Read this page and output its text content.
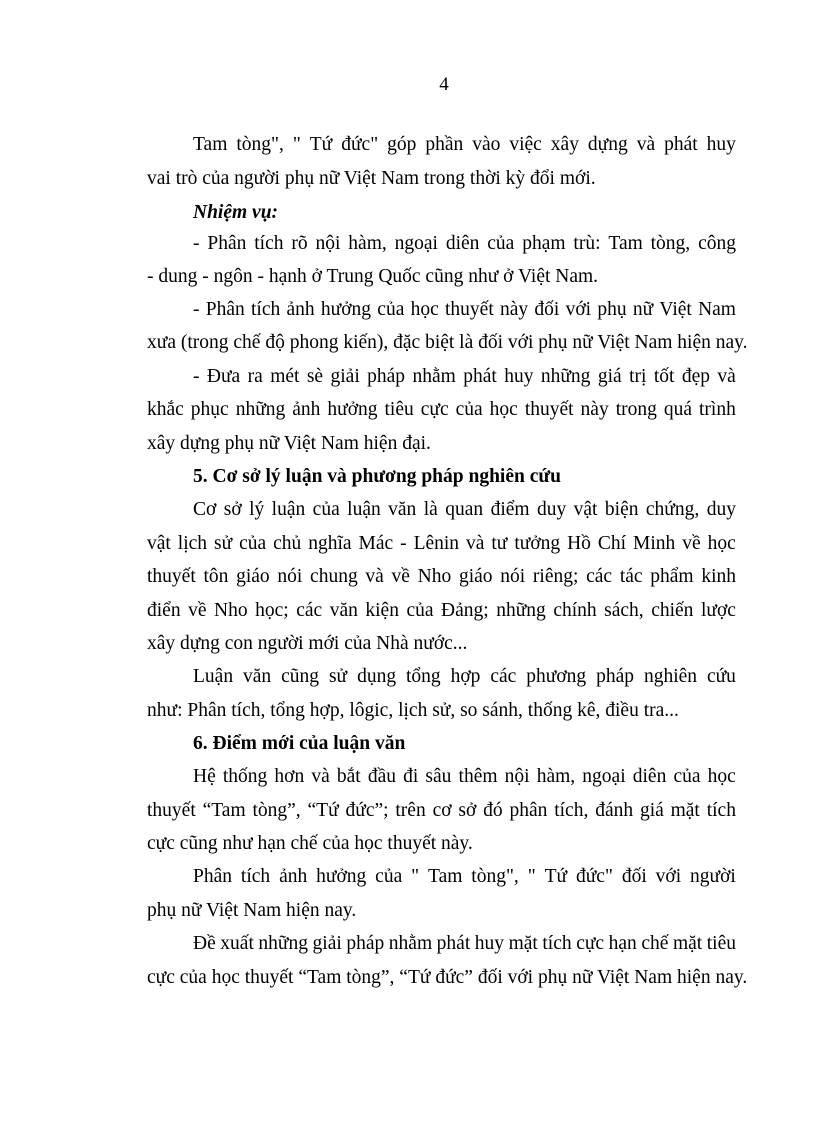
4
Tam tòng", " Tứ đức" góp phần vào việc xây dựng và phát huy
vai trò của người phụ nữ Việt Nam trong thời kỳ đổi mới.
Nhiệm vụ:
- Phân tích rõ nội hàm, ngoại diên của phạm trù: Tam tòng, công
- dung - ngôn - hạnh ở Trung Quốc cũng như ở Việt Nam.
- Phân tích ảnh hưởng của học thuyết này đối với phụ nữ Việt Nam
xưa (trong chế độ phong kiến), đặc biệt là đối với phụ nữ Việt Nam hiện nay.
- Đưa ra mét sè giải pháp nhằm phát huy những giá trị tốt đẹp và
khắc phục những ảnh hưởng tiêu cực của học thuyết này trong quá trình
xây dựng phụ nữ Việt Nam hiện đại.
5. Cơ sở lý luận và phương pháp nghiên cứu
Cơ sở lý luận của luận văn là quan điểm duy vật biện chứng, duy
vật lịch sử của chủ nghĩa Mác - Lênin và tư tưởng Hồ Chí Minh về học
thuyết tôn giáo nói chung và về Nho giáo nói riêng; các tác phẩm kinh
điển về Nho học; các văn kiện của Đảng; những chính sách, chiến lược
xây dựng con người mới của Nhà nước...
Luận văn cũng sử dụng tổng hợp các phương pháp nghiên cứu
như: Phân tích, tổng hợp, lôgic, lịch sử, so sánh, thống kê, điều tra...
6. Điểm mới của luận văn
Hệ thống hơn và bắt đầu đi sâu thêm nội hàm, ngoại diên của học
thuyết “Tam tòng”, “Tứ đức”; trên cơ sở đó phân tích, đánh giá mặt tích
cực cũng như hạn chế của học thuyết này.
Phân tích ảnh hưởng của " Tam tòng", " Tứ đức" đối với người
phụ nữ Việt Nam hiện nay.
Đề xuất những giải pháp nhằm phát huy mặt tích cực hạn chế mặt tiêu
cực của học thuyết “Tam tòng”, “Tứ đức” đối với phụ nữ Việt Nam hiện nay.
